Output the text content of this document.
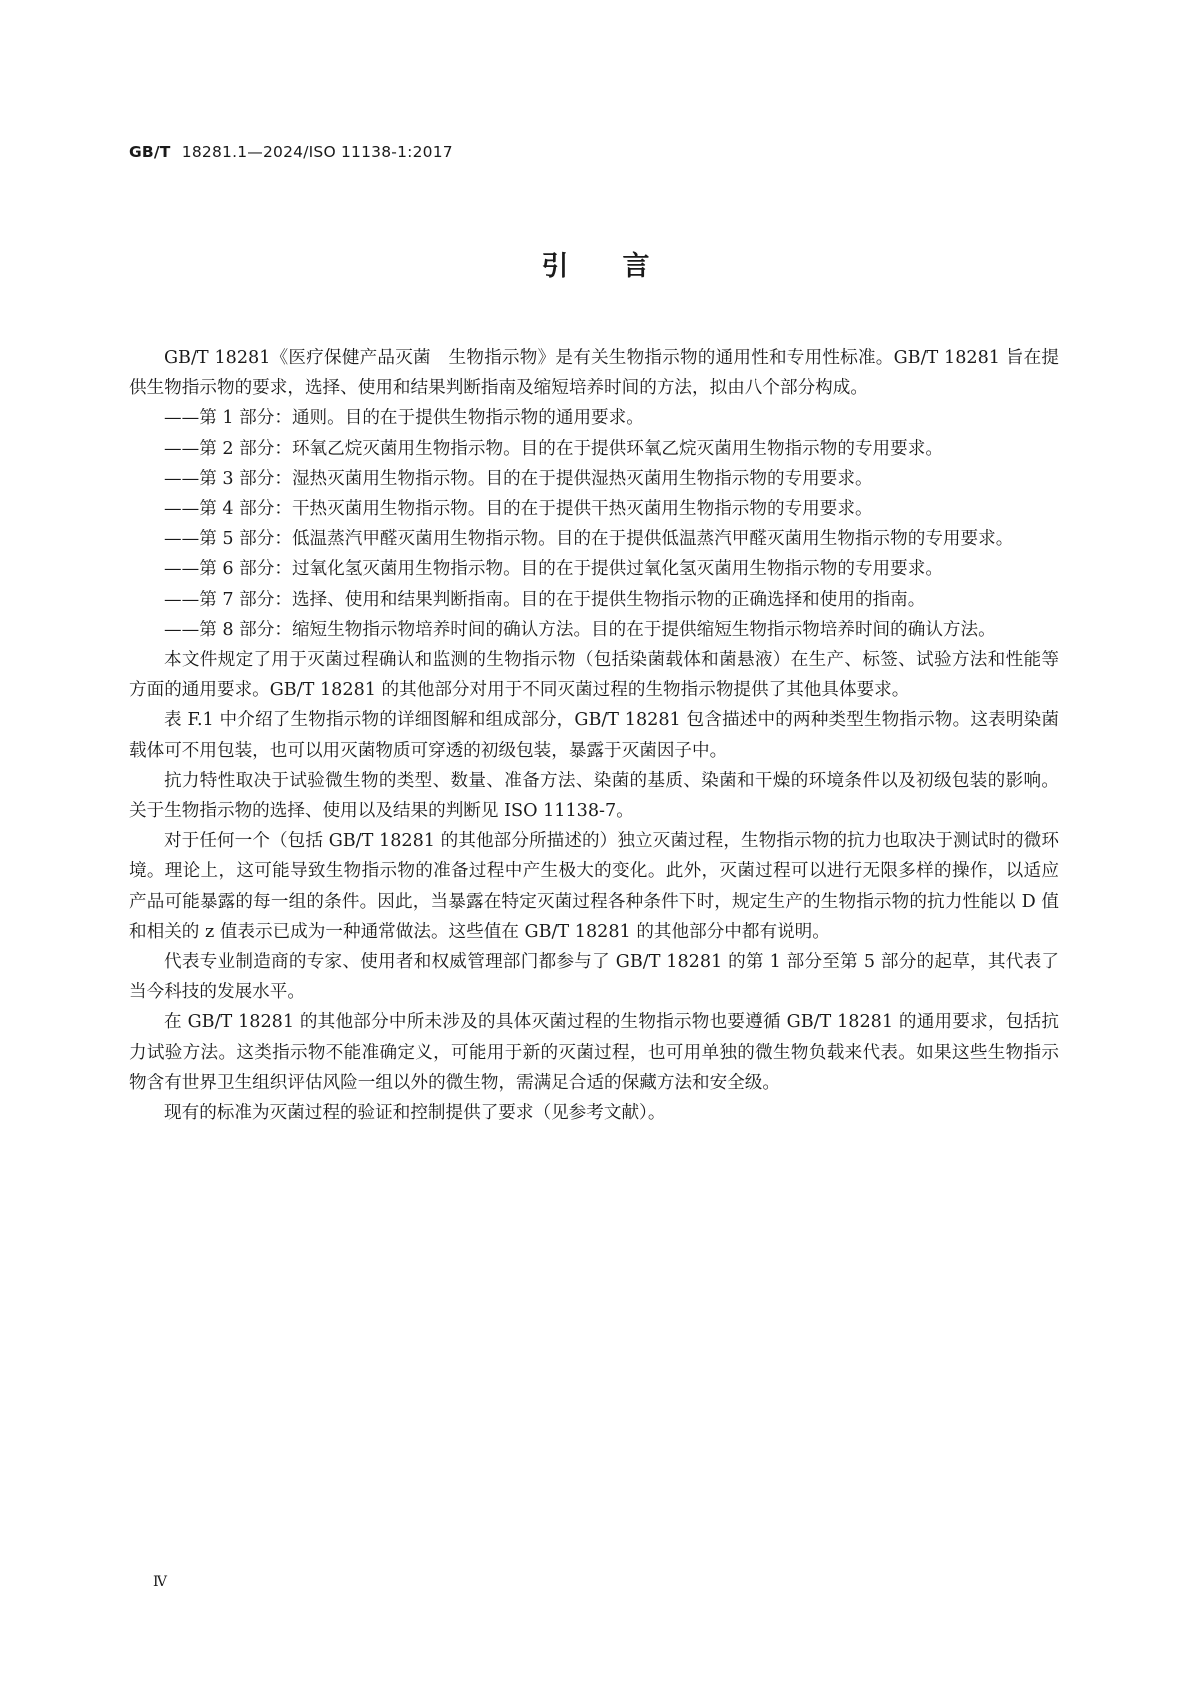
GB/T 18281.1—2024/ISO 11138-1:2017
引言

GB/T 18281《医疗保健产品灭菌　生物指示物》是有关生物指示物的通用性和专用性标准。GB/T 18281 旨在提供生物指示物的要求，选择、使用和结果判断指南及缩短培养时间的方法，拟由八个部分构成。

——第 1 部分：通则。目的在于提供生物指示物的通用要求。

——第 2 部分：环氧乙烷灭菌用生物指示物。目的在于提供环氧乙烷灭菌用生物指示物的专用要求。

——第 3 部分：湿热灭菌用生物指示物。目的在于提供湿热灭菌用生物指示物的专用要求。

——第 4 部分：干热灭菌用生物指示物。目的在于提供干热灭菌用生物指示物的专用要求。

——第 5 部分：低温蒸汽甲醛灭菌用生物指示物。目的在于提供低温蒸汽甲醛灭菌用生物指示物的专用要求。

——第 6 部分：过氧化氢灭菌用生物指示物。目的在于提供过氧化氢灭菌用生物指示物的专用要求。

——第 7 部分：选择、使用和结果判断指南。目的在于提供生物指示物的正确选择和使用的指南。

——第 8 部分：缩短生物指示物培养时间的确认方法。目的在于提供缩短生物指示物培养时间的确认方法。

本文件规定了用于灭菌过程确认和监测的生物指示物（包括染菌载体和菌悬液）在生产、标签、试验方法和性能等方面的通用要求。GB/T 18281 的其他部分对用于不同灭菌过程的生物指示物提供了其他具体要求。

表 F.1 中介绍了生物指示物的详细图解和组成部分，GB/T 18281 包含描述中的两种类型生物指示物。这表明染菌载体可不用包装，也可以用灭菌物质可穿透的初级包装，暴露于灭菌因子中。

抗力特性取决于试验微生物的类型、数量、准备方法、染菌的基质、染菌和干燥的环境条件以及初级包装的影响。关于生物指示物的选择、使用以及结果的判断见 ISO 11138-7。

对于任何一个（包括 GB/T 18281 的其他部分所描述的）独立灭菌过程，生物指示物的抗力也取决于测试时的微环境。理论上，这可能导致生物指示物的准备过程中产生极大的变化。此外，灭菌过程可以进行无限多样的操作，以适应产品可能暴露的每一组的条件。因此，当暴露在特定灭菌过程各种条件下时，规定生产的生物指示物的抗力性能以 D 值和相关的 z 值表示已成为一种通常做法。这些值在 GB/T 18281 的其他部分中都有说明。

代表专业制造商的专家、使用者和权威管理部门都参与了 GB/T 18281 的第 1 部分至第 5 部分的起草，其代表了当今科技的发展水平。

在 GB/T 18281 的其他部分中所未涉及的具体灭菌过程的生物指示物也要遵循 GB/T 18281 的通用要求，包括抗力试验方法。这类指示物不能准确定义，可能用于新的灭菌过程，也可用单独的微生物负载来代表。如果这些生物指示物含有世界卫生组织评估风险一组以外的微生物，需满足合适的保藏方法和安全级。

现有的标准为灭菌过程的验证和控制提供了要求（见参考文献）。

Ⅳ
